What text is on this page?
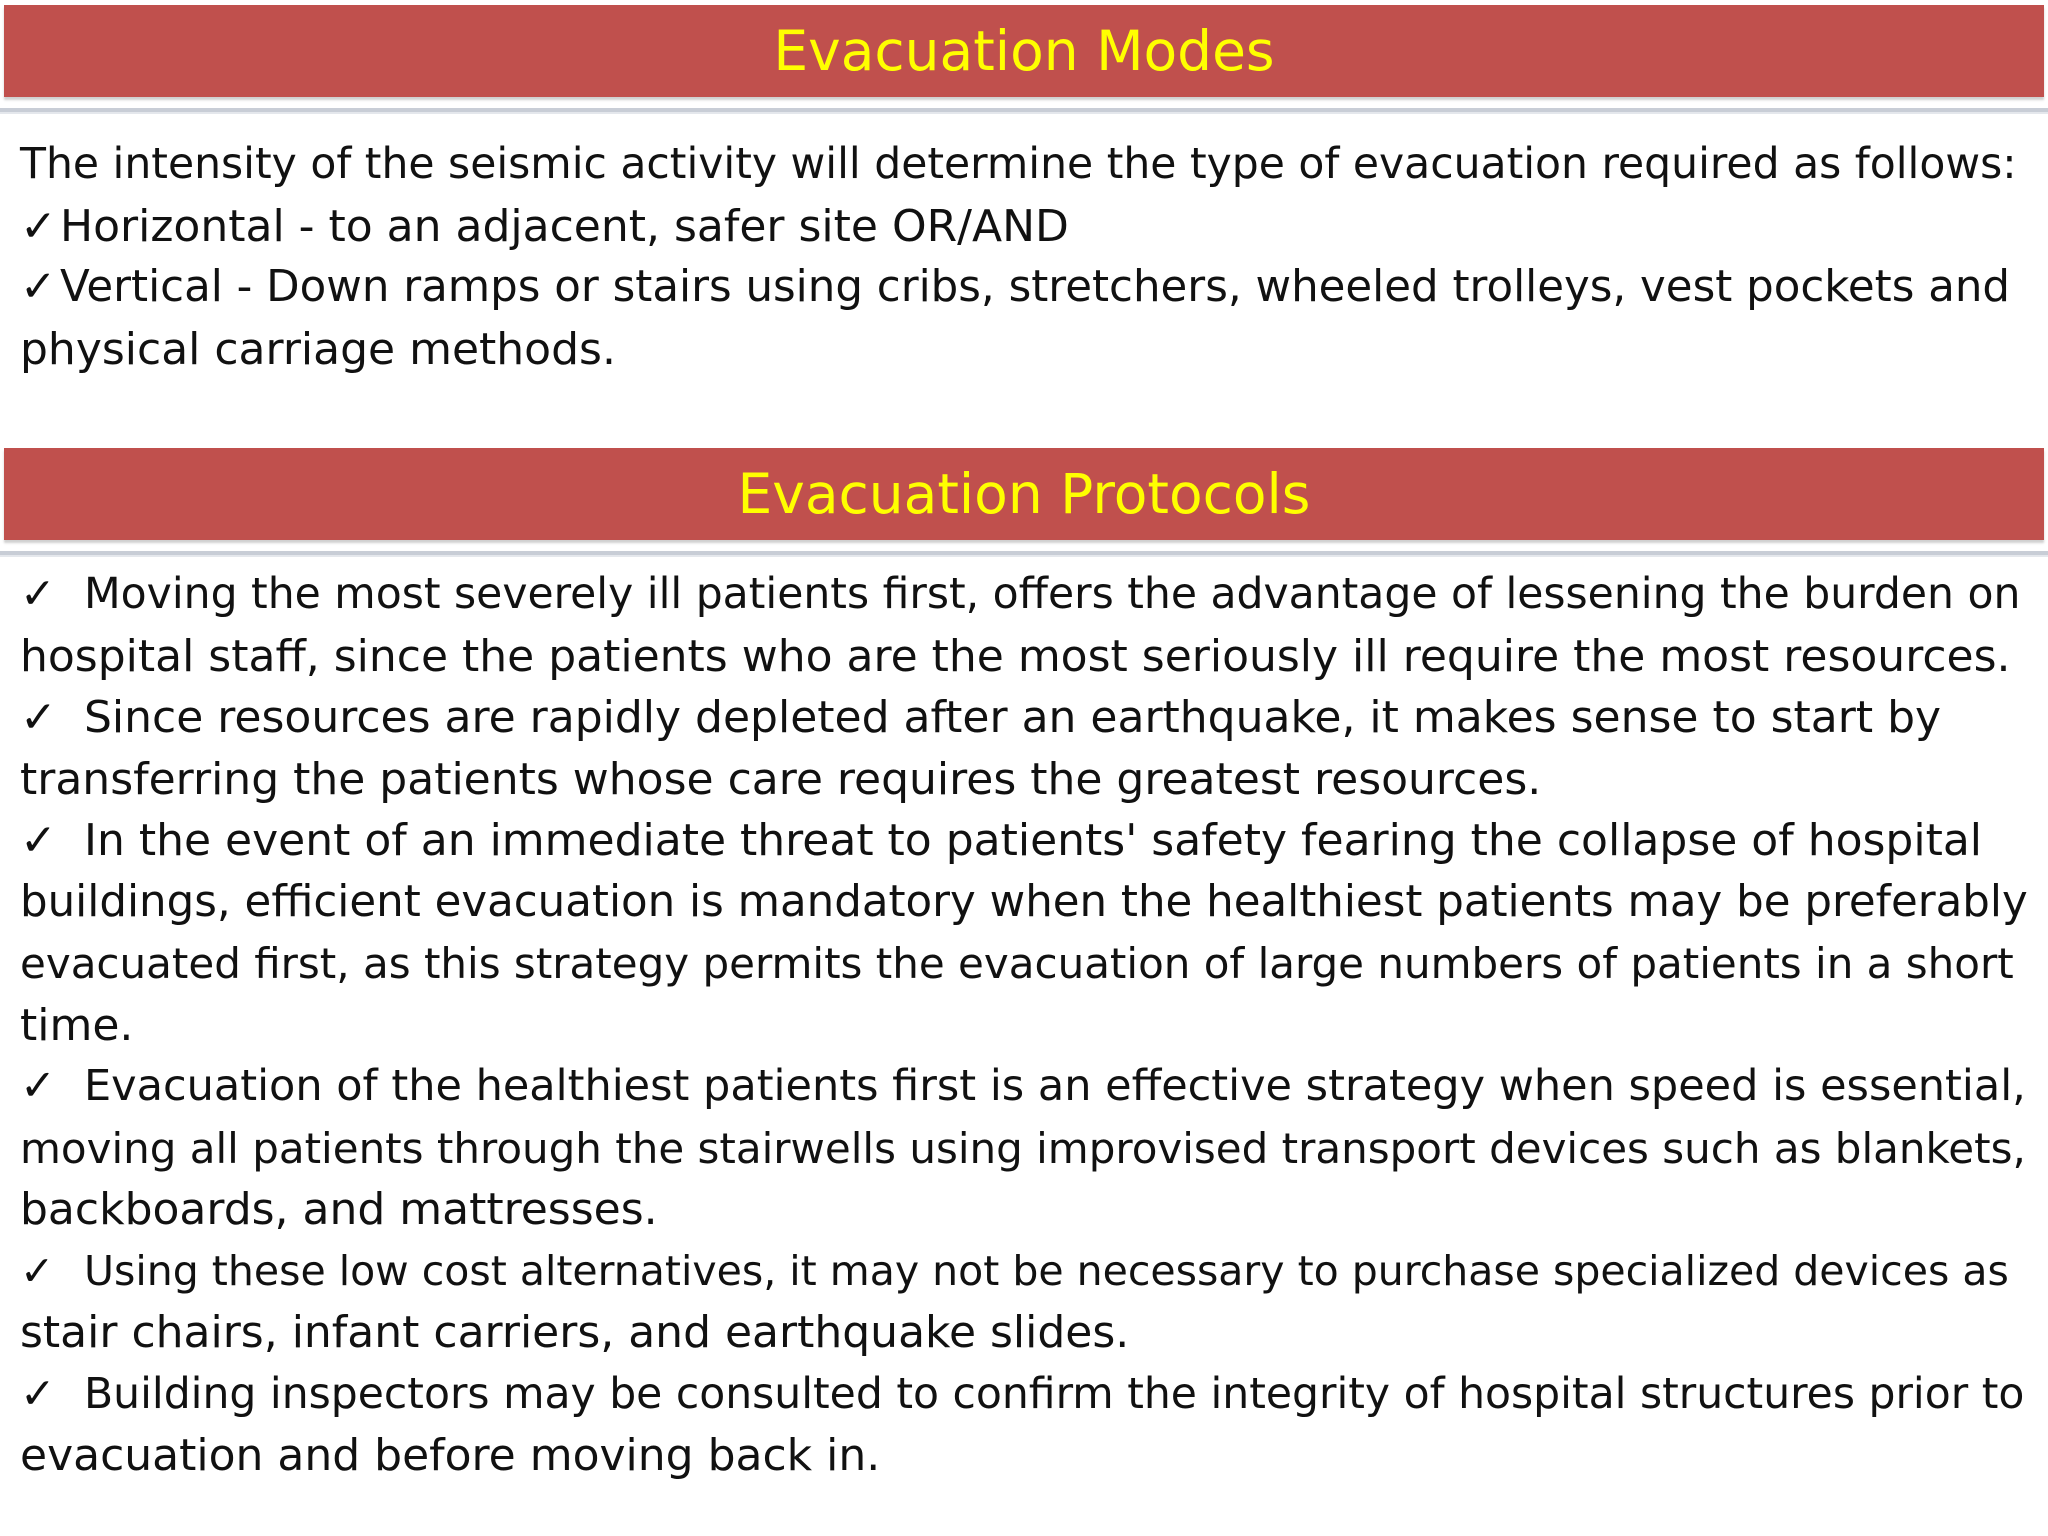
Evacuation Modes

The intensity of the seismic activity will determine the type of evacuation required as follows:

✓Horizontal - to an adjacent, safer site OR/AND

✓Vertical - Down ramps or stairs using cribs, stretchers, wheeled trolleys, vest pockets and

physical carriage methods.

Evacuation Protocols

✓ Moving the most severely ill patients first, offers the advantage of lessening the burden on

hospital staff, since the patients who are the most seriously ill require the most resources.

✓ Since resources are rapidly depleted after an earthquake, it makes sense to start by

transferring the patients whose care requires the greatest resources.

✓ In the event of an immediate threat to patients' safety fearing the collapse of hospital

buildings, efficient evacuation is mandatory when the healthiest patients may be preferably

evacuated first, as this strategy permits the evacuation of large numbers of patients in a short

time.

✓ Evacuation of the healthiest patients first is an effective strategy when speed is essential,

moving all patients through the stairwells using improvised transport devices such as blankets,

backboards, and mattresses.

✓ Using these low cost alternatives, it may not be necessary to purchase specialized devices as

stair chairs, infant carriers, and earthquake slides.

✓ Building inspectors may be consulted to confirm the integrity of hospital structures prior to

evacuation and before moving back in.
